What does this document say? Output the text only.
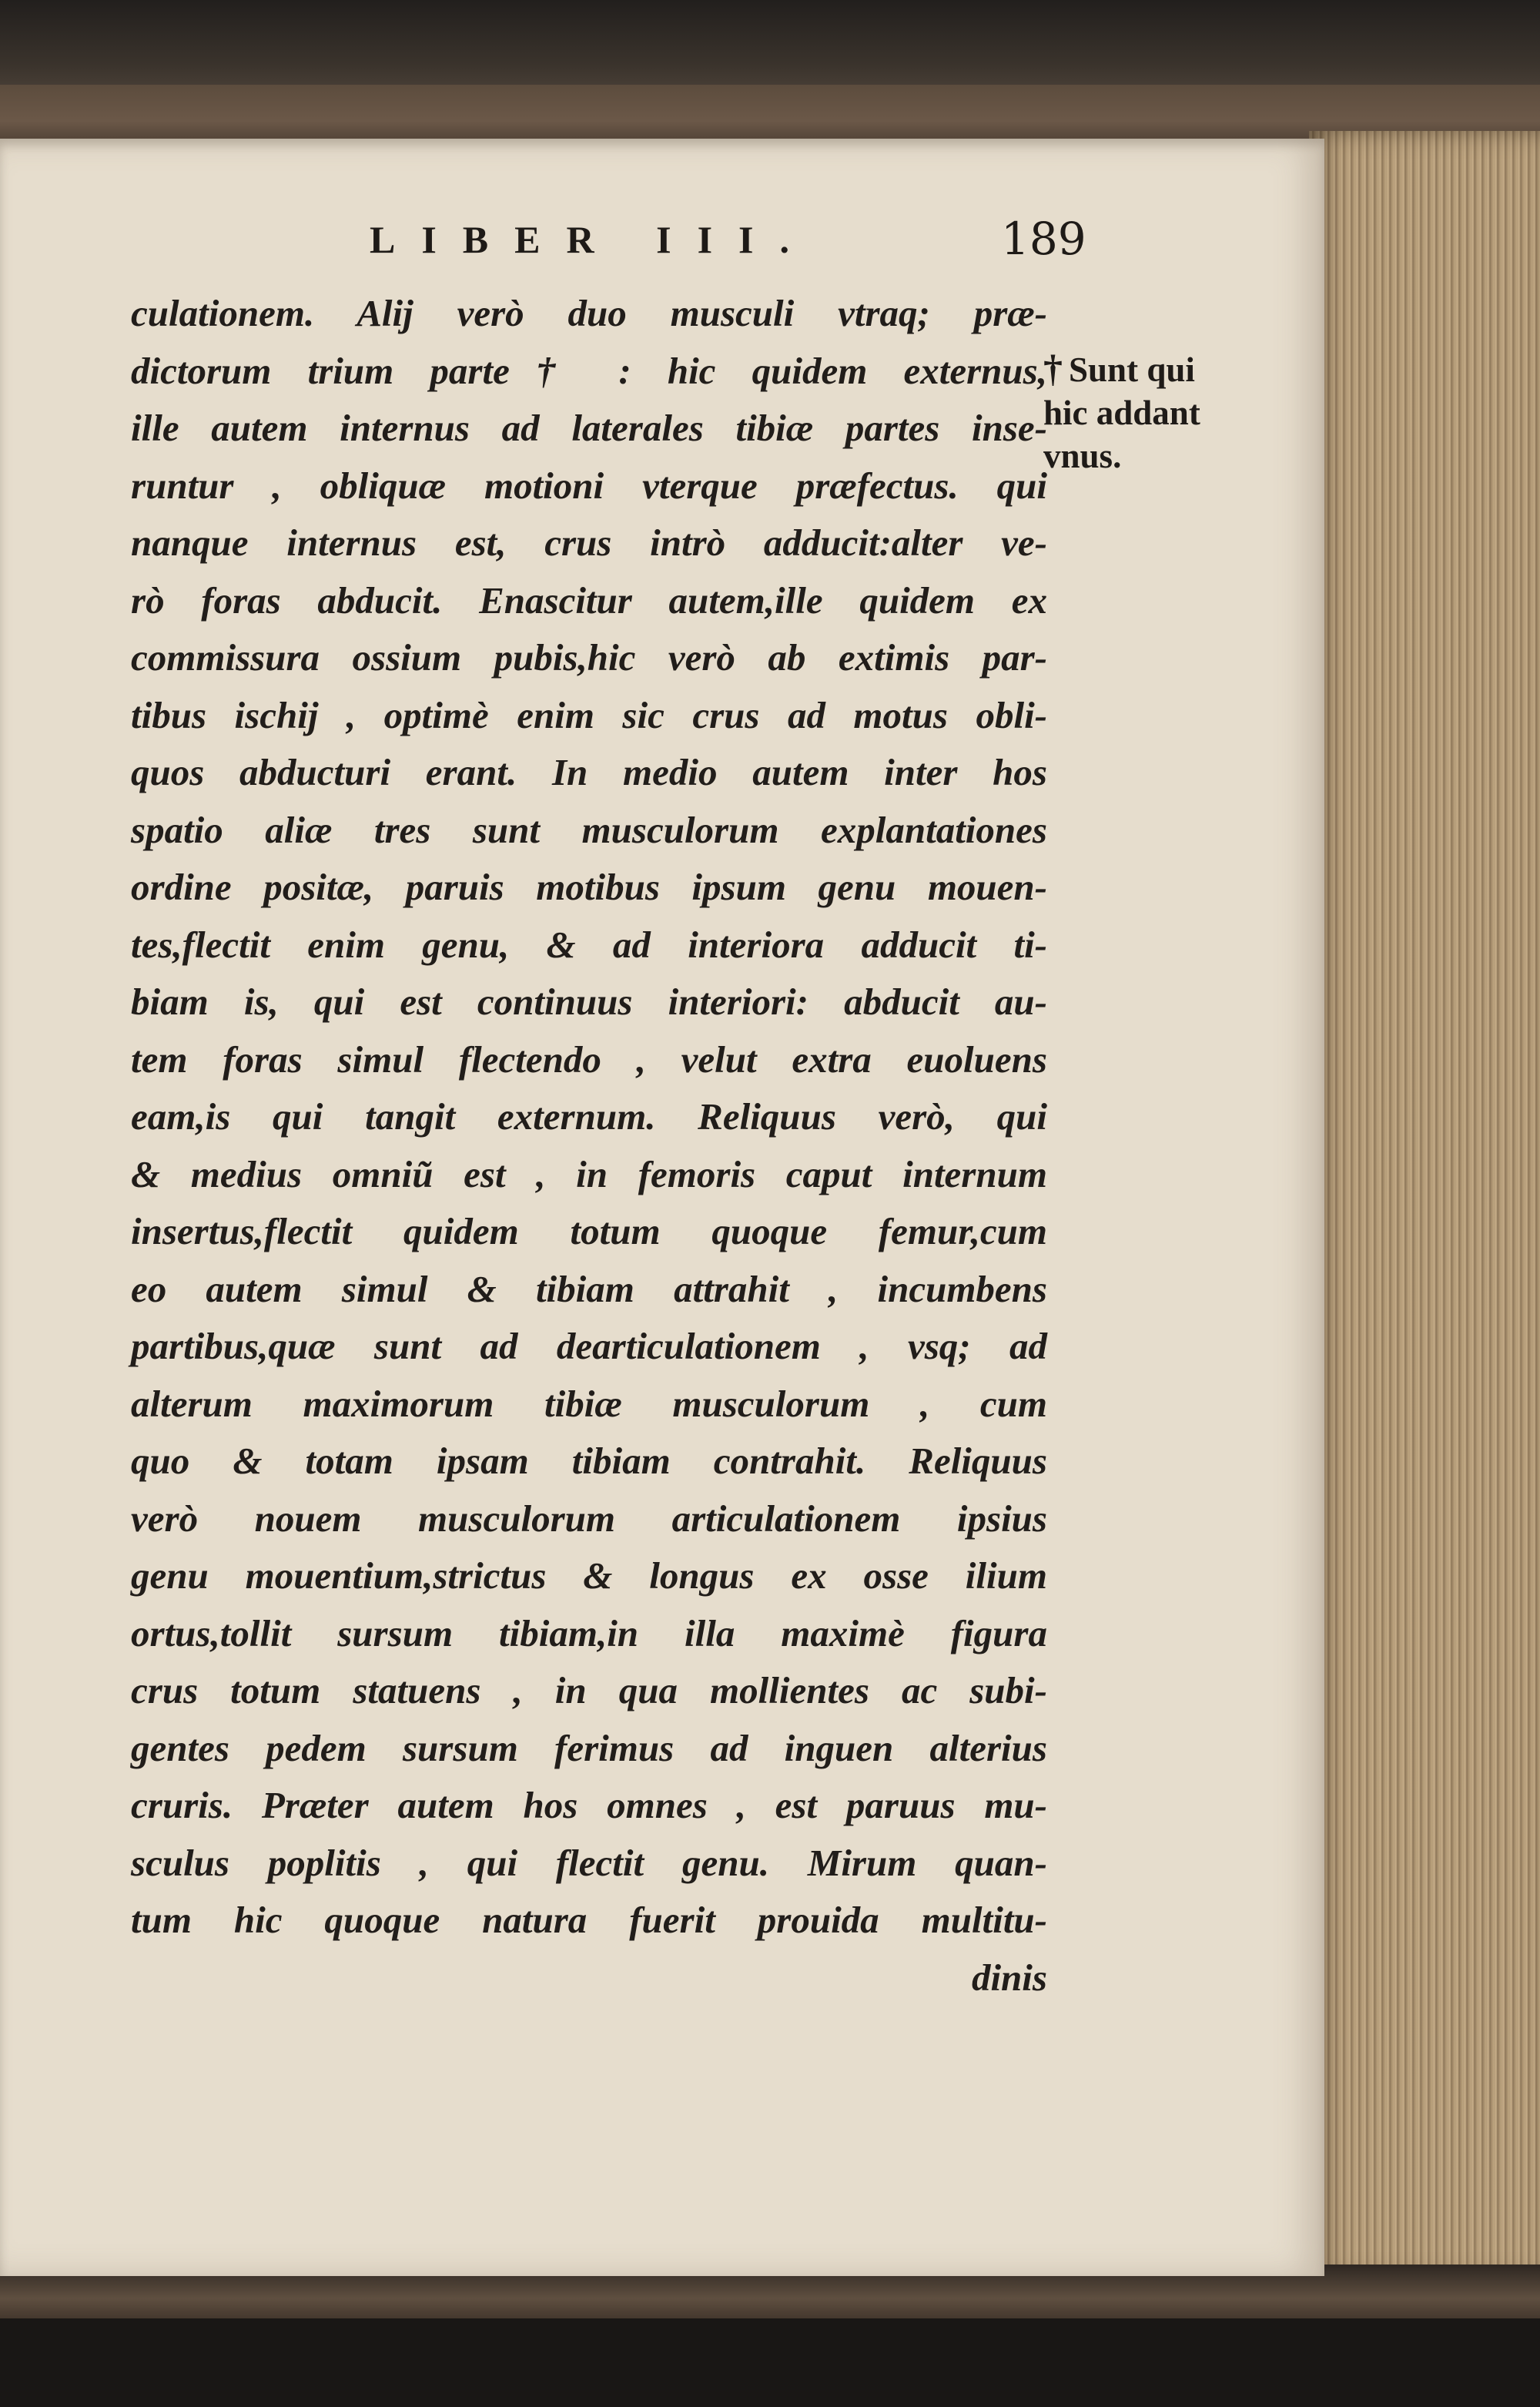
LIBER III.	189
culationem. Alij verò duo musculi vtraq; præ-
dictorum trium parte† : hic quidem externus,
ille autem internus ad laterales tibiæ partes inse-
runtur , obliquæ motioni vterque præfectus. qui
nanque internus est, crus intrò adducit:alter ve-
rò foras abducit. Enascitur autem,ille quidem ex
commissura ossium pubis,hic verò ab extimis par-
tibus ischij , optimè enim sic crus ad motus obli-
quos abducturi erant. In medio autem inter hos
spatio aliæ tres sunt musculorum explantationes
ordine positæ, paruis motibus ipsum genu mouen-
tes,flectit enim genu, & ad interiora adducit ti-
biam is, qui est continuus interiori: abducit au-
tem foras simul flectendo , velut extra euoluens
eam,is qui tangit externum. Reliquus verò, qui
& medius omniũ est , in femoris caput internum
insertus,flectit quidem totum quoque femur,cum
eo autem simul & tibiam attrahit , incumbens
partibus,quæ sunt ad dearticulationem , vsq; ad
alterum maximorum tibiæ musculorum , cum
quo & totam ipsam tibiam contrahit. Reliquus
verò nouem musculorum articulationem ipsius
genu mouentium,strictus & longus ex osse ilium
ortus,tollit sursum tibiam,in illa maximè figura
crus totum statuens , in qua mollientes ac subi-
gentes pedem sursum ferimus ad inguen alterius
cruris. Præter autem hos omnes , est paruus mu-
sculus poplitis , qui flectit genu. Mirum quan-
tum hic quoque natura fuerit prouida multitu-
dinis
† Sunt qui
hic addant
vnus.
